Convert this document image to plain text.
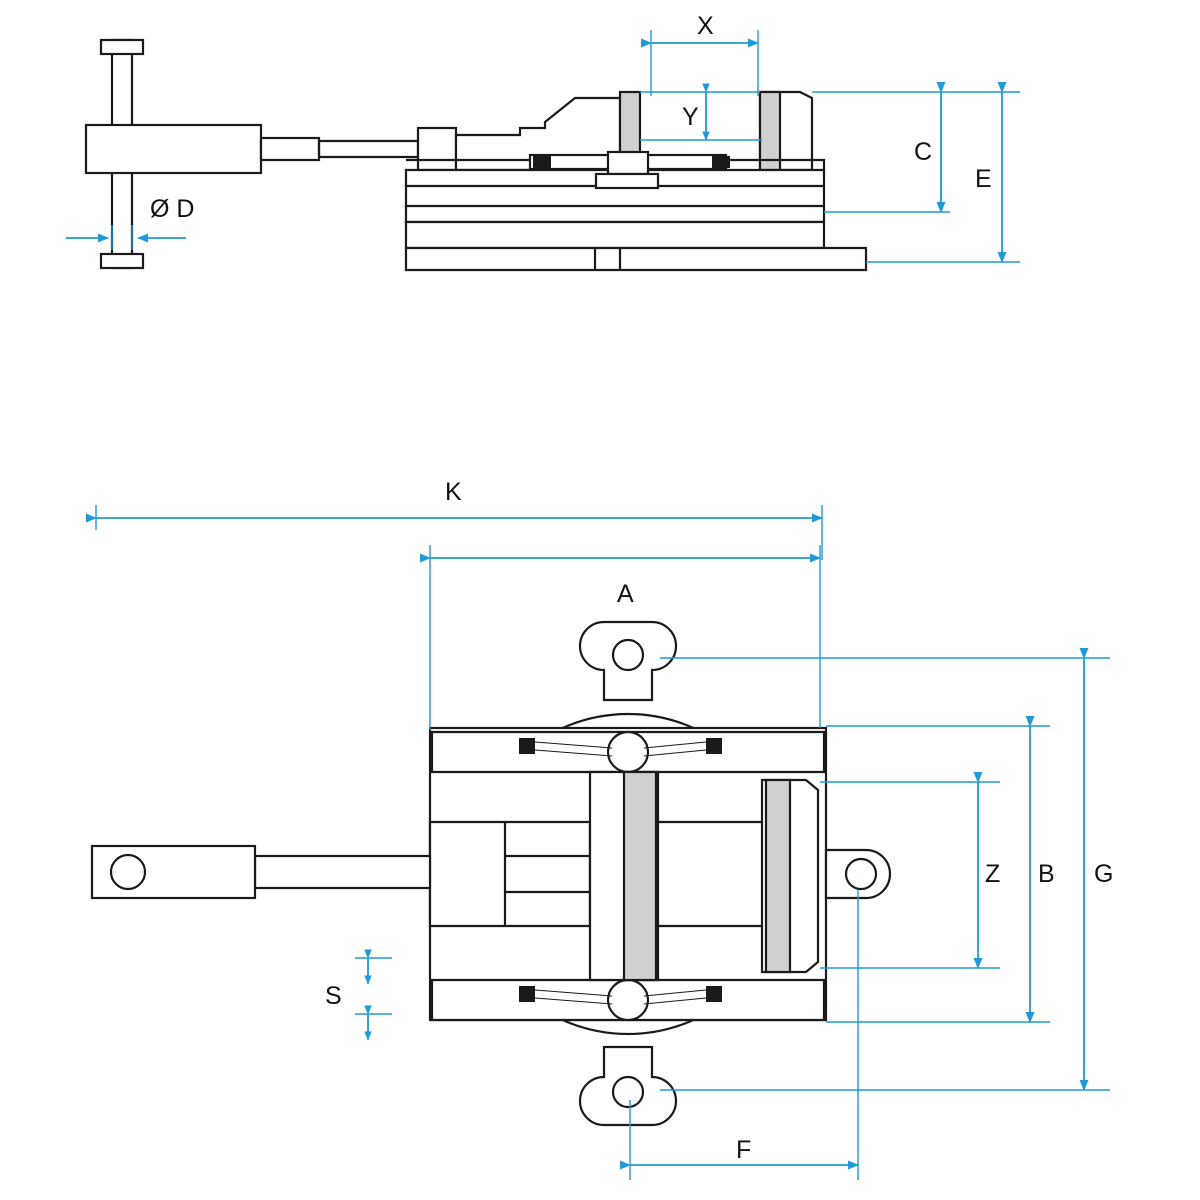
X
Y
C
E
Ø D
K
A
Z B G
S
F
